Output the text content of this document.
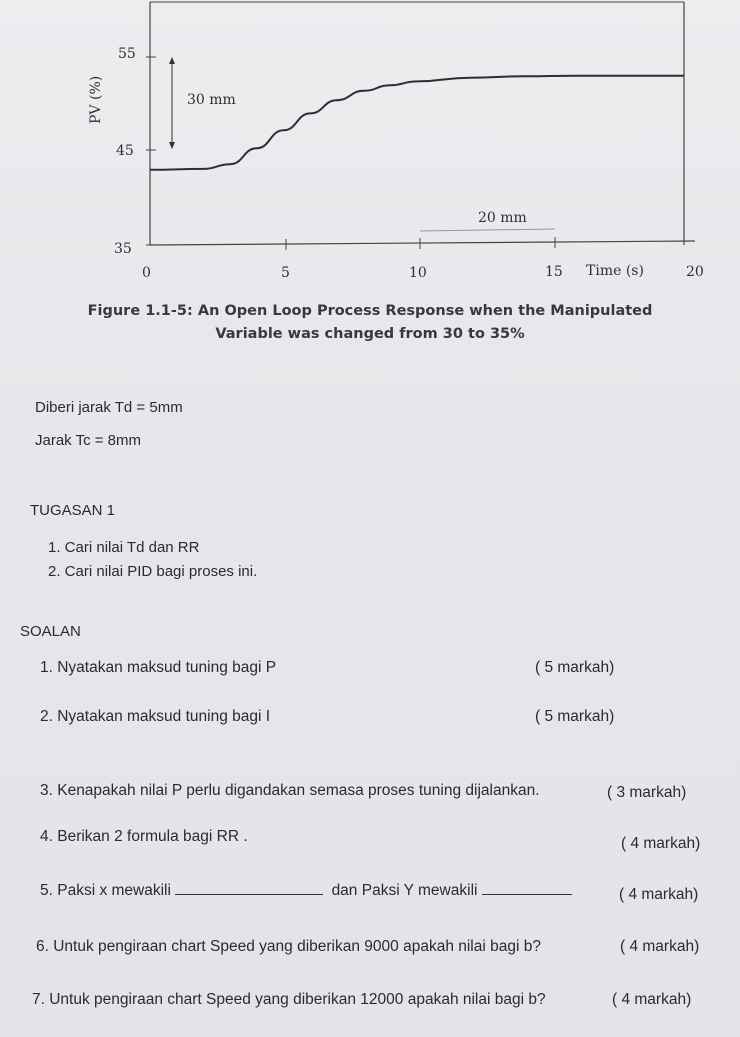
55
45
35
0	5	10	15	20
Time (s)
PV (%)	30 mm
20 mm
Figure 1.1-5: An Open Loop Process Response when the Manipulated
Variable was changed from 30 to 35%
Diberi jarak Td = 5mm
Jarak Tc = 8mm
TUGASAN 1
1. Cari nilai Td dan RR
2. Cari nilai PID bagi proses ini.
SOALAN
1. Nyatakan maksud tuning bagi P	( 5 markah)
2. Nyatakan maksud tuning bagi I	( 5 markah)
3. Kenapakah nilai P perlu digandakan semasa proses tuning dijalankan.	( 3 markah)
4. Berikan 2 formula bagi RR .	( 4 markah)
5. Paksi x mewakili	dan Paksi Y mewakili	( 4 markah)
6. Untuk pengiraan chart Speed yang diberikan 9000 apakah nilai bagi b?	( 4 markah)
7. Untuk pengiraan chart Speed yang diberikan 12000 apakah nilai bagi b?	( 4 markah)
